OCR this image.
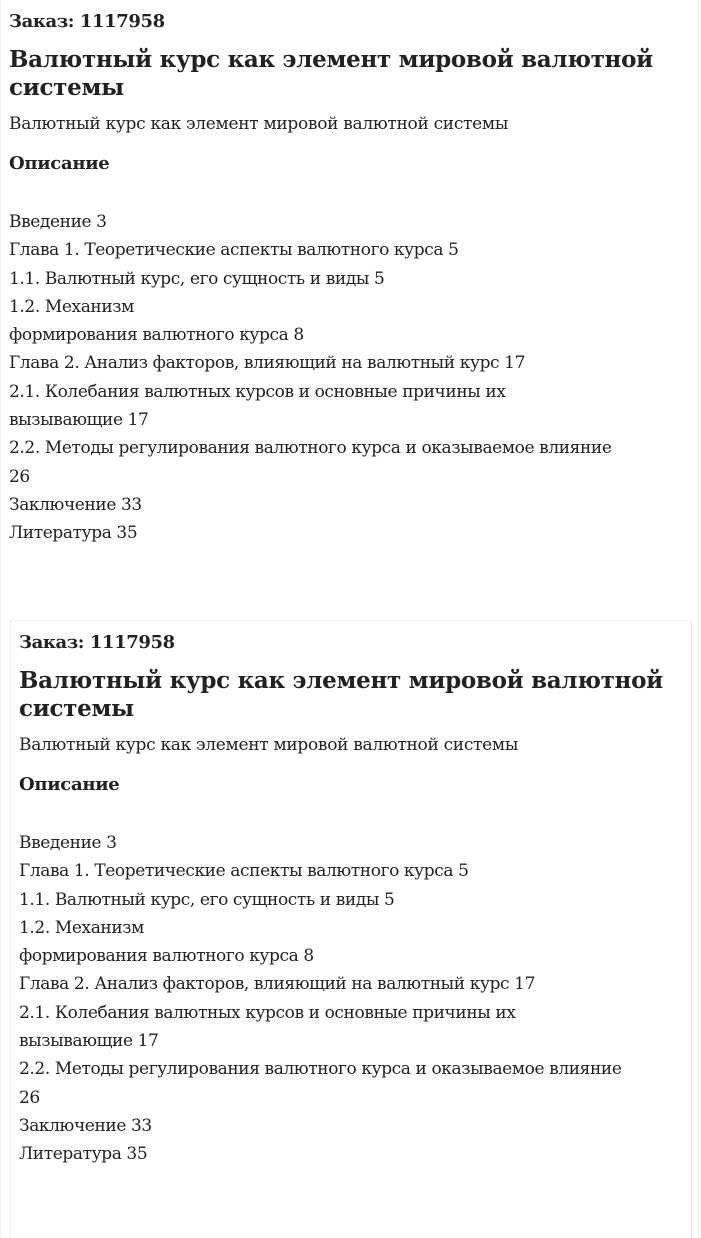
Заказ: 1117958
Валютный курс как элемент мировой валютной системы
Валютный курс как элемент мировой валютной системы
Описание
Введение 3
Глава 1. Теоретические аспекты валютного курса 5
1.1. Валютный курс, его сущность и виды 5
1.2. Механизм
формирования валютного курса 8
Глава 2. Анализ факторов, влияющий на валютный курс 17
2.1. Колебания валютных курсов и основные причины их
вызывающие 17
2.2. Методы регулирования валютного курса и оказываемое влияние
26
Заключение 33
Литература 35
Заказ: 1117958
Валютный курс как элемент мировой валютной системы
Валютный курс как элемент мировой валютной системы
Описание
Введение 3
Глава 1. Теоретические аспекты валютного курса 5
1.1. Валютный курс, его сущность и виды 5
1.2. Механизм
формирования валютного курса 8
Глава 2. Анализ факторов, влияющий на валютный курс 17
2.1. Колебания валютных курсов и основные причины их
вызывающие 17
2.2. Методы регулирования валютного курса и оказываемое влияние
26
Заключение 33
Литература 35
